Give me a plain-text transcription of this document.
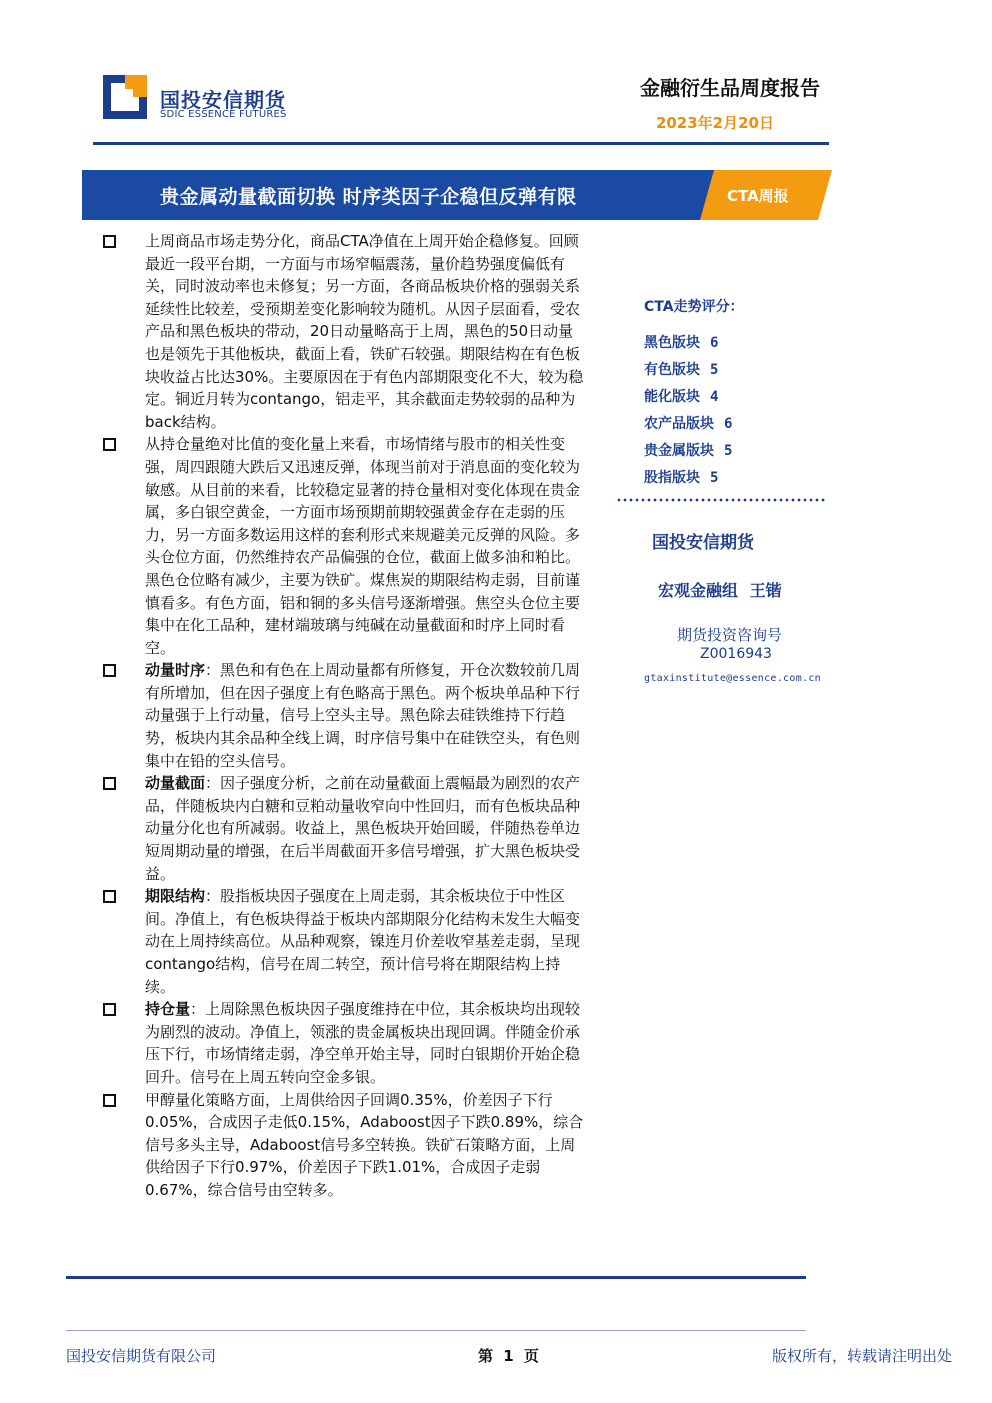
国投安信期货
SDIC ESSENCE FUTURES
金融衍生品周度报告
2023年2月20日
贵金属动量截面切换 时序类因子企稳但反弹有限	CTA周报
上周商品市场走势分化，商品CTA净值在上周开始企稳修复。回顾最近一段平台期，一方面与市场窄幅震荡，量价趋势强度偏低有关，同时波动率也未修复；另一方面，各商品板块价格的强弱关系延续性比较差，受预期差变化影响较为随机。从因子层面看，受农产品和黑色板块的带动，20日动量略高于上周，黑色的50日动量也是领先于其他板块，截面上看，铁矿石较强。期限结构在有色板块收益占比达30%。主要原因在于有色内部期限变化不大，较为稳定。铜近月转为contango，铝走平，其余截面走势较弱的品种为back结构。
从持仓量绝对比值的变化量上来看，市场情绪与股市的相关性变强，周四跟随大跌后又迅速反弹，体现当前对于消息面的变化较为敏感。从目前的来看，比较稳定显著的持仓量相对变化体现在贵金属，多白银空黄金，一方面市场预期前期较强黄金存在走弱的压力，另一方面多数运用这样的套利形式来规避美元反弹的风险。多头仓位方面，仍然维持农产品偏强的仓位，截面上做多油和粕比。黑色仓位略有减少，主要为铁矿。煤焦炭的期限结构走弱，目前谨慎看多。有色方面，铝和铜的多头信号逐渐增强。焦空头仓位主要集中在化工品种，建材端玻璃与纯碱在动量截面和时序上同时看空。
动量时序：黑色和有色在上周动量都有所修复，开仓次数较前几周有所增加，但在因子强度上有色略高于黑色。两个板块单品种下行动量强于上行动量，信号上空头主导。黑色除去硅铁维持下行趋势，板块内其余品种全线上调，时序信号集中在硅铁空头，有色则集中在铅的空头信号。
动量截面：因子强度分析，之前在动量截面上震幅最为剧烈的农产品，伴随板块内白糖和豆粕动量收窄向中性回归，而有色板块品种动量分化也有所减弱。收益上，黑色板块开始回暖，伴随热卷单边短周期动量的增强，在后半周截面开多信号增强，扩大黑色板块受益。
期限结构：股指板块因子强度在上周走弱，其余板块位于中性区间。净值上，有色板块得益于板块内部期限分化结构未发生大幅变动在上周持续高位。从品种观察，镍连月价差收窄基差走弱，呈现contango结构，信号在周二转空，预计信号将在期限结构上持续。
持仓量：上周除黑色板块因子强度维持在中位，其余板块均出现较为剧烈的波动。净值上，领涨的贵金属板块出现回调。伴随金价承压下行，市场情绪走弱，净空单开始主导，同时白银期价开始企稳回升。信号在上周五转向空金多银。
甲醇量化策略方面，上周供给因子回调0.35%，价差因子下行0.05%，合成因子走低0.15%，Adaboost因子下跌0.89%，综合信号多头主导，Adaboost信号多空转换。铁矿石策略方面，上周供给因子下行0.97%，价差因子下跌1.01%，合成因子走弱0.67%，综合信号由空转多。
CTA走势评分：
黑色版块 6
有色版块 5
能化版块 4
农产品版块 6
贵金属版块 5
股指版块 5
国投安信期货
宏观金融组 王锴
期货投资咨询号
Z0016943
gtaxinstitute@essence.com.cn
国投安信期货有限公司	第 1 页	版权所有，转载请注明出处
